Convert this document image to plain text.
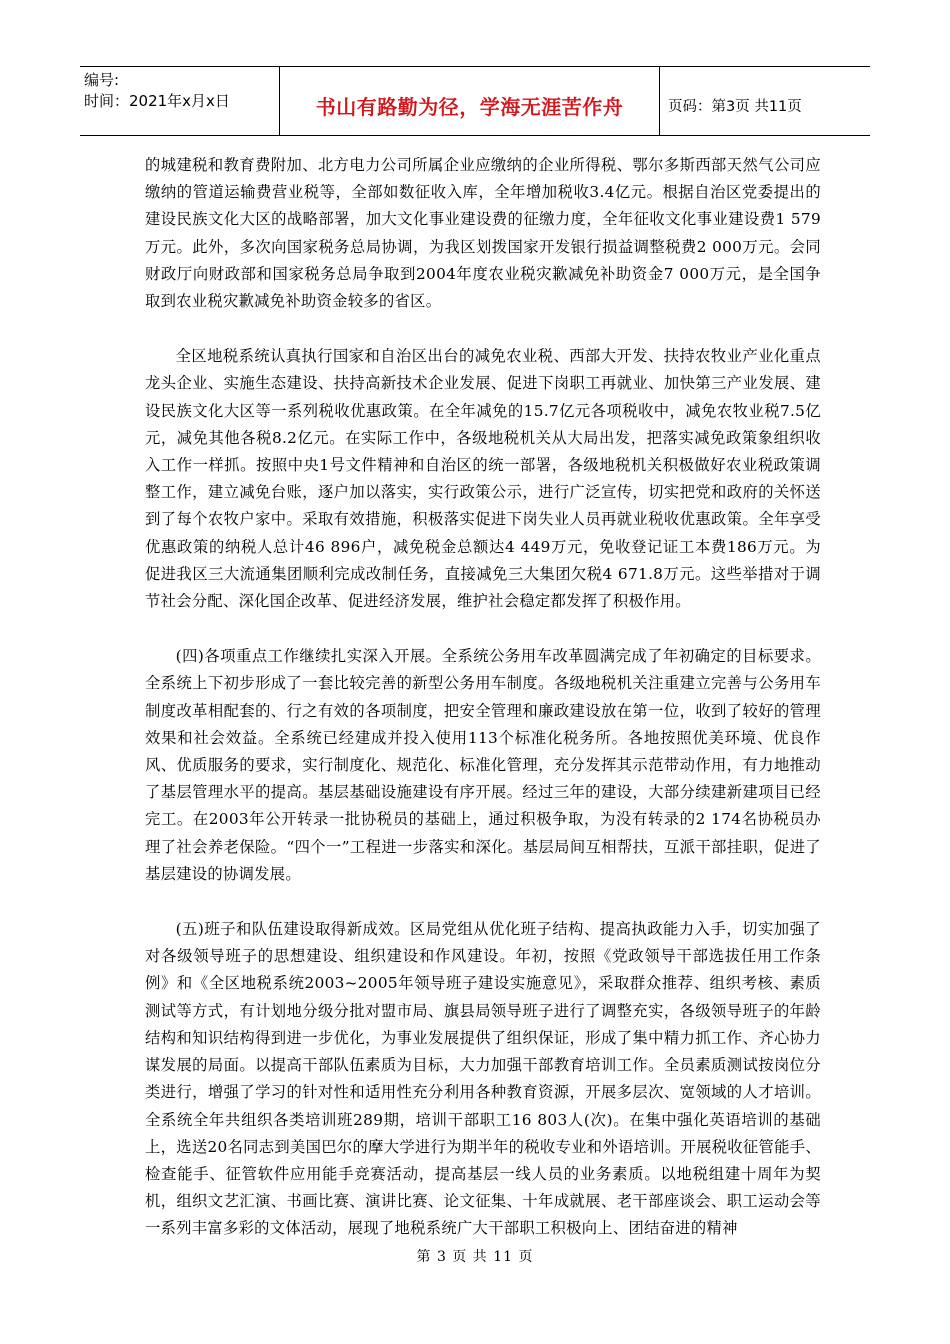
编号:
时间：2021年x月x日	书山有路勤为径，学海无涯苦作舟	页码：第3页 共11页

的城建税和教育费附加、北方电力公司所属企业应缴纳的企业所得税、鄂尔多斯西部天然气公司应缴纳的管道运输费营业税等，全部如数征收入库，全年增加税收3.4亿元。根据自治区党委提出的建设民族文化大区的战略部署，加大文化事业建设费的征缴力度，全年征收文化事业建设费1 579万元。此外，多次向国家税务总局协调，为我区划拨国家开发银行损益调整税费2 000万元。会同财政厅向财政部和国家税务总局争取到2004年度农业税灾歉减免补助资金7 000万元，是全国争取到农业税灾歉减免补助资金较多的省区。

全区地税系统认真执行国家和自治区出台的减免农业税、西部大开发、扶持农牧业产业化重点龙头企业、实施生态建设、扶持高新技术企业发展、促进下岗职工再就业、加快第三产业发展、建设民族文化大区等一系列税收优惠政策。在全年减免的15.7亿元各项税收中，减免农牧业税7.5亿元，减免其他各税8.2亿元。在实际工作中，各级地税机关从大局出发，把落实减免政策象组织收入工作一样抓。按照中央1号文件精神和自治区的统一部署，各级地税机关积极做好农业税政策调整工作，建立减免台账，逐户加以落实，实行政策公示，进行广泛宣传，切实把党和政府的关怀送到了每个农牧户家中。采取有效措施，积极落实促进下岗失业人员再就业税收优惠政策。全年享受优惠政策的纳税人总计46 896户，减免税金总额达4 449万元，免收登记证工本费186万元。为促进我区三大流通集团顺利完成改制任务，直接减免三大集团欠税4 671.8万元。这些举措对于调节社会分配、深化国企改革、促进经济发展，维护社会稳定都发挥了积极作用。

(四)各项重点工作继续扎实深入开展。全系统公务用车改革圆满完成了年初确定的目标要求。全系统上下初步形成了一套比较完善的新型公务用车制度。各级地税机关注重建立完善与公务用车制度改革相配套的、行之有效的各项制度，把安全管理和廉政建设放在第一位，收到了较好的管理效果和社会效益。全系统已经建成并投入使用113个标准化税务所。各地按照优美环境、优良作风、优质服务的要求，实行制度化、规范化、标准化管理，充分发挥其示范带动作用，有力地推动了基层管理水平的提高。基层基础设施建设有序开展。经过三年的建设，大部分续建新建项目已经完工。在2003年公开转录一批协税员的基础上，通过积极争取，为没有转录的2 174名协税员办理了社会养老保险。“四个一”工程进一步落实和深化。基层局间互相帮扶，互派干部挂职，促进了基层建设的协调发展。

(五)班子和队伍建设取得新成效。区局党组从优化班子结构、提高执政能力入手，切实加强了对各级领导班子的思想建设、组织建设和作风建设。年初，按照《党政领导干部选拔任用工作条例》和《全区地税系统2003~2005年领导班子建设实施意见》，采取群众推荐、组织考核、素质测试等方式，有计划地分级分批对盟市局、旗县局领导班子进行了调整充实，各级领导班子的年龄结构和知识结构得到进一步优化，为事业发展提供了组织保证，形成了集中精力抓工作、齐心协力谋发展的局面。以提高干部队伍素质为目标，大力加强干部教育培训工作。全员素质测试按岗位分类进行，增强了学习的针对性和适用性充分利用各种教育资源，开展多层次、宽领域的人才培训。全系统全年共组织各类培训班289期，培训干部职工16 803人(次)。在集中强化英语培训的基础上，选送20名同志到美国巴尔的摩大学进行为期半年的税收专业和外语培训。开展税收征管能手、检查能手、征管软件应用能手竞赛活动，提高基层一线人员的业务素质。以地税组建十周年为契机，组织文艺汇演、书画比赛、演讲比赛、论文征集、十年成就展、老干部座谈会、职工运动会等一系列丰富多彩的文体活动，展现了地税系统广大干部职工积极向上、团结奋进的精神

第 3 页 共 11 页
